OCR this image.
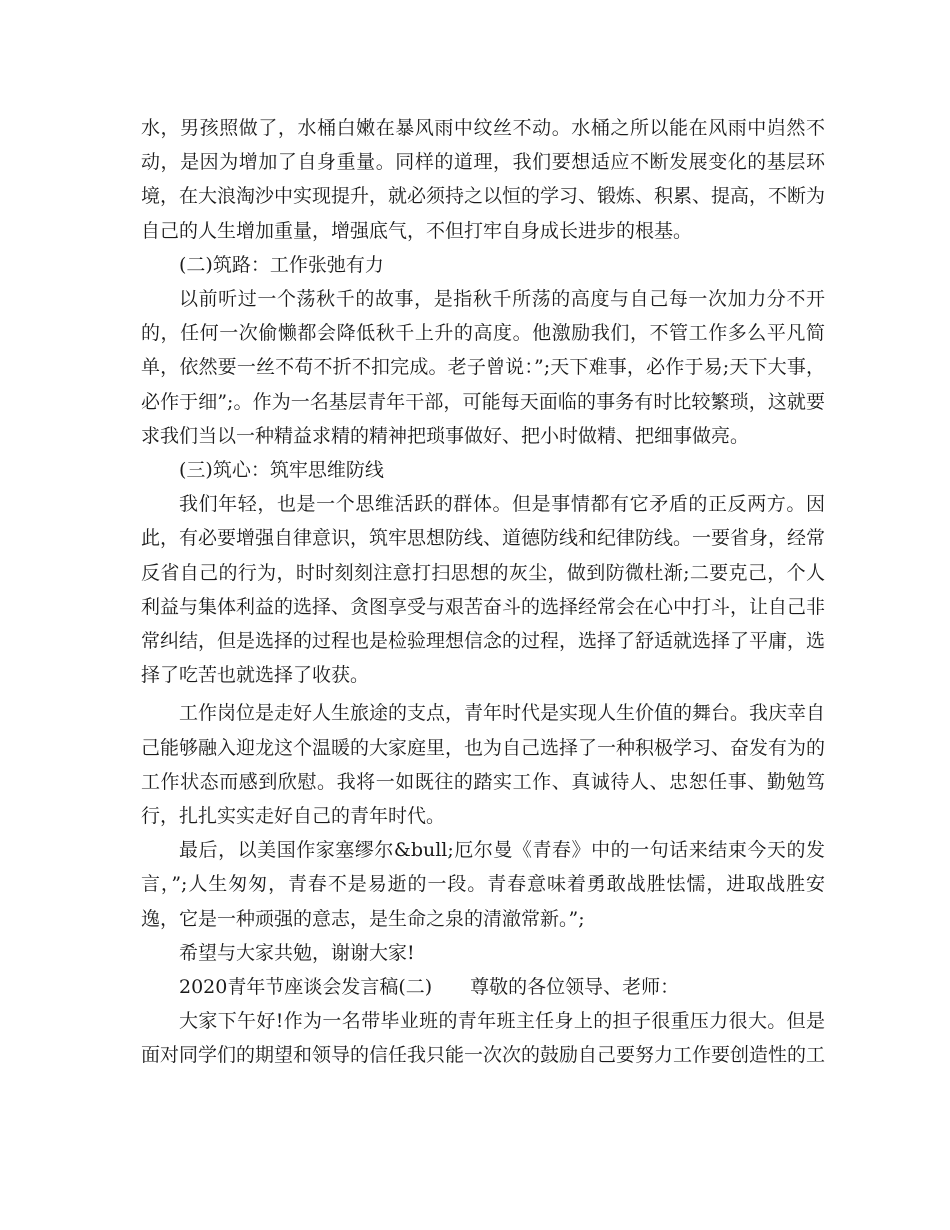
水，男孩照做了，水桶白嫩在暴风雨中纹丝不动。水桶之所以能在风雨中岿然不动，是因为增加了自身重量。同样的道理，我们要想适应不断发展变化的基层环境，在大浪淘沙中实现提升，就必须持之以恒的学习、锻炼、积累、提高，不断为自己的人生增加重量，增强底气，不但打牢自身成长进步的根基。

(二)筑路：工作张弛有力

以前听过一个荡秋千的故事，是指秋千所荡的高度与自己每一次加力分不开的，任何一次偷懒都会降低秋千上升的高度。他激励我们，不管工作多么平凡简单，依然要一丝不苟不折不扣完成。老子曾说：”;天下难事，必作于易;天下大事，必作于细”;。作为一名基层青年干部，可能每天面临的事务有时比较繁琐，这就要求我们当以一种精益求精的精神把琐事做好、把小时做精、把细事做亮。

(三)筑心：筑牢思维防线

我们年轻，也是一个思维活跃的群体。但是事情都有它矛盾的正反两方。因此，有必要增强自律意识，筑牢思想防线、道德防线和纪律防线。一要省身，经常反省自己的行为，时时刻刻注意打扫思想的灰尘，做到防微杜渐;二要克己，个人利益与集体利益的选择、贪图享受与艰苦奋斗的选择经常会在心中打斗，让自己非常纠结，但是选择的过程也是检验理想信念的过程，选择了舒适就选择了平庸，选择了吃苦也就选择了收获。

工作岗位是走好人生旅途的支点，青年时代是实现人生价值的舞台。我庆幸自己能够融入迎龙这个温暖的大家庭里，也为自己选择了一种积极学习、奋发有为的工作状态而感到欣慰。我将一如既往的踏实工作、真诚待人、忠恕任事、勤勉笃行，扎扎实实走好自己的青年时代。

最后，以美国作家塞缪尔&bull;厄尔曼《青春》中的一句话来结束今天的发言，”;人生匆匆，青春不是易逝的一段。青春意味着勇敢战胜怯懦，进取战胜安逸，它是一种顽强的意志，是生命之泉的清澈常新。”;

希望与大家共勉，谢谢大家!

2020青年节座谈会发言稿(二)　　尊敬的各位领导、老师：

大家下午好!作为一名带毕业班的青年班主任身上的担子很重压力很大。但是面对同学们的期望和领导的信任我只能一次次的鼓励自己要努力工作要创造性的工
